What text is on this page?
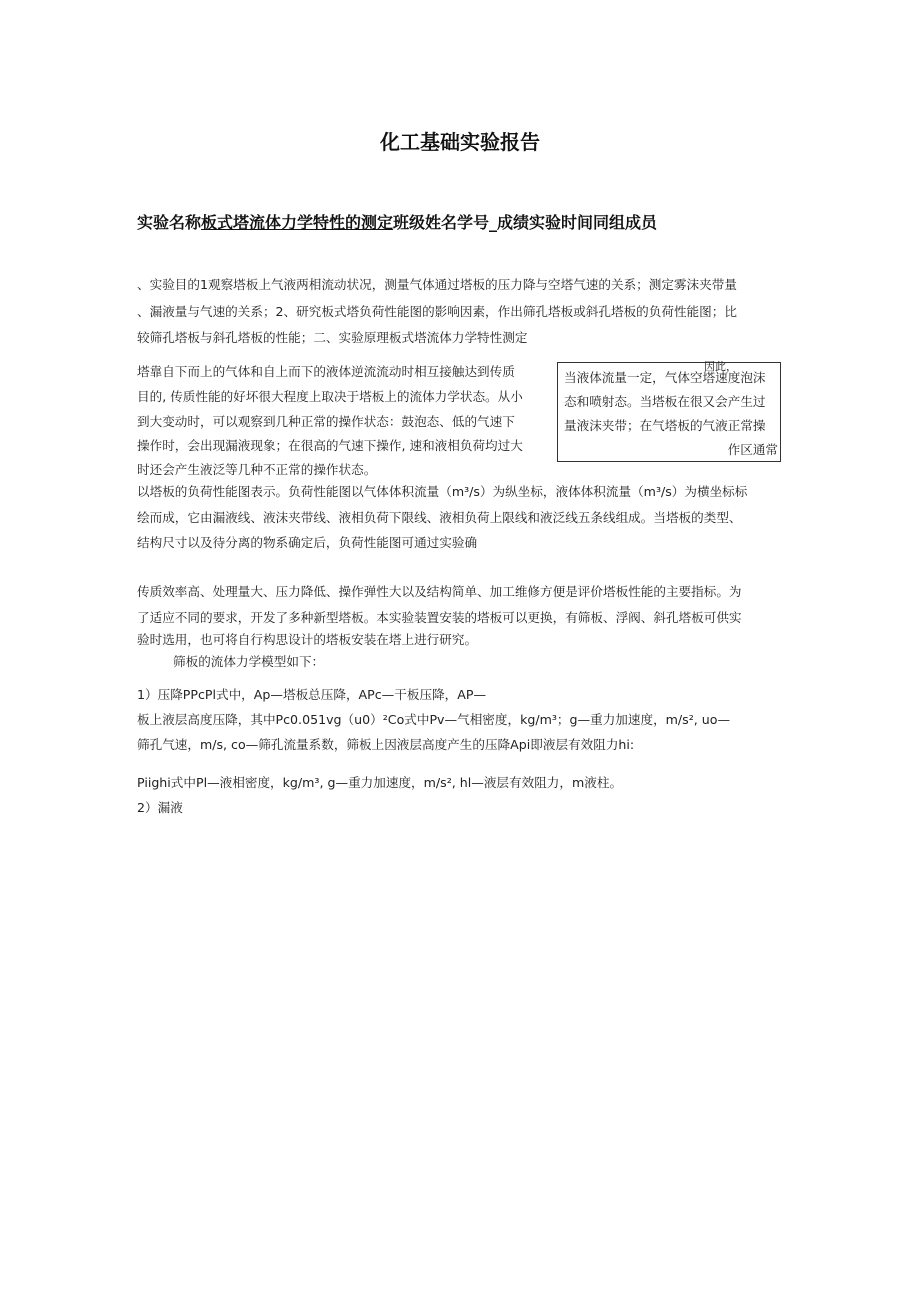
化工基础实验报告
实验名称板式塔流体力学特性的测定班级姓名学号_成绩实验时间同组成员
、实验目的1观察塔板上气液两相流动状况，测量气体通过塔板的压力降与空塔气速的关系；测定雾沫夹带量
、漏液量与气速的关系；2、研究板式塔负荷性能图的影响因素，作出筛孔塔板或斜孔塔板的负荷性能图；比
较筛孔塔板与斜孔塔板的性能；二、实验原理板式塔流体力学特性测定
塔靠自下而上的气体和自上而下的液体逆流流动时相互接触达到传质
目的, 传质性能的好坏很大程度上取决于塔板上的流体力学状态。从小
到大变动时，可以观察到几种正常的操作状态：鼓泡态、低的气速下
操作时，会出现漏液现象；在很高的气速下操作, 速和液相负荷均过大
时还会产生液泛等几种不正常的操作状态。
因此，
当液体流量一定，气体空塔速度泡沫
态和喷射态。当塔板在很又会产生过
量液沫夹带；在气塔板的气液正常操
作区通常
以塔板的负荷性能图表示。负荷性能图以气体体积流量（m³/s）为纵坐标，液体体积流量（m³/s）为横坐标标
绘而成，它由漏液线、液沫夹带线、液相负荷下限线、液相负荷上限线和液泛线五条线组成。当塔板的类型、
结构尺寸以及待分离的物系确定后，负荷性能图可通过实验确
传质效率高、处理量大、压力降低、操作弹性大以及结构简单、加工维修方便是评价塔板性能的主要指标。为
了适应不同的要求，开发了多种新型塔板。本实验装置安装的塔板可以更换，有筛板、浮阀、斜孔塔板可供实
验时选用，也可将自行构思设计的塔板安装在塔上进行研究。
筛板的流体力学模型如下：
1）压降PPcPl式中，Ap—塔板总压降，APc—干板压降，AP—
板上液层高度压降，其中Pc0.051vg（u0）²Co式中Pv—气相密度，kg/m³；g—重力加速度，m/s², uo—
筛孔气速，m/s, co—筛孔流量系数，筛板上因液层高度产生的压降Api即液层有效阻力hi:
Piighi式中Pl—液相密度，kg/m³, g—重力加速度，m/s², hl—液层有效阻力，m液柱。
2）漏液
